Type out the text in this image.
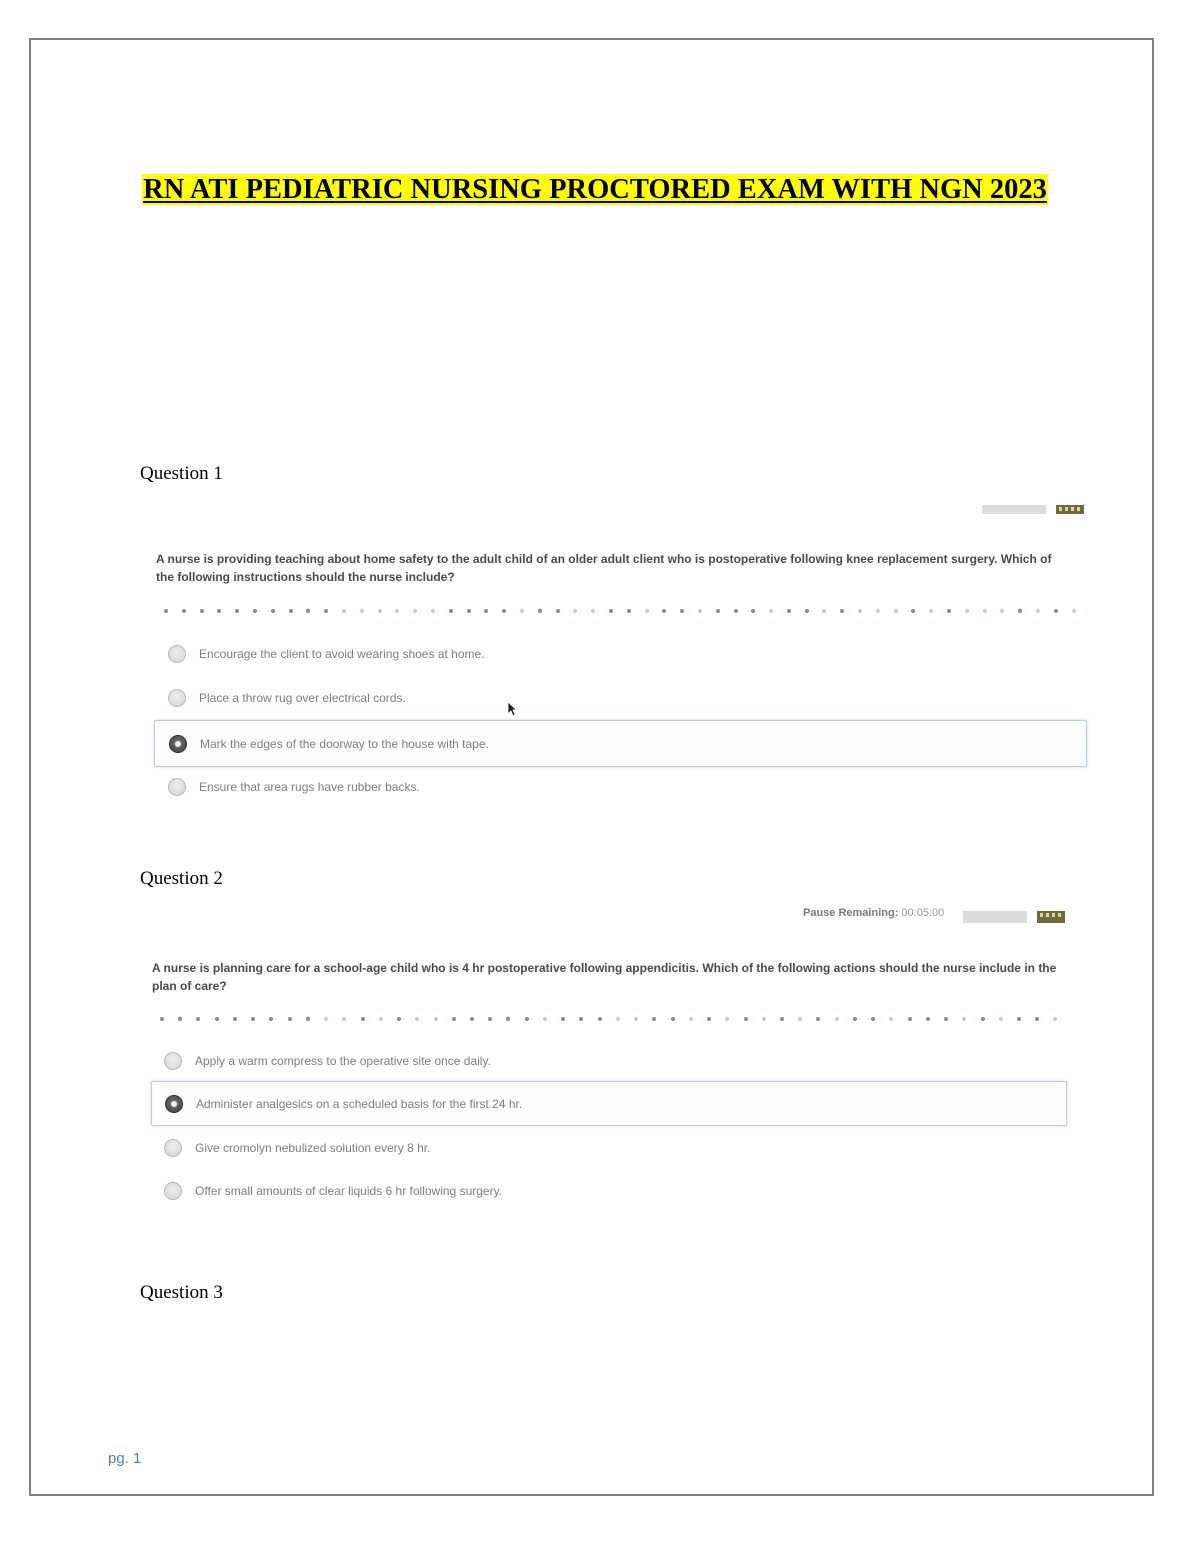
RN ATI PEDIATRIC NURSING PROCTORED EXAM WITH NGN 2023
Question 1

A nurse is providing teaching about home safety to the adult child of an older adult client who is postoperative following knee replacement surgery. Which of the following instructions should the nurse include?

Encourage the client to avoid wearing shoes at home.
Place a throw rug over electrical cords.
Mark the edges of the doorway to the house with tape.
Ensure that area rugs have rubber backs.
Question 2
Pause Remaining: 00:05:00

A nurse is planning care for a school-age child who is 4 hr postoperative following appendicitis. Which of the following actions should the nurse include in the plan of care?

Apply a warm compress to the operative site once daily.
Administer analgesics on a scheduled basis for the first 24 hr.
Give cromolyn nebulized solution every 8 hr.
Offer small amounts of clear liquids 6 hr following surgery.
Question 3
pg. 1
